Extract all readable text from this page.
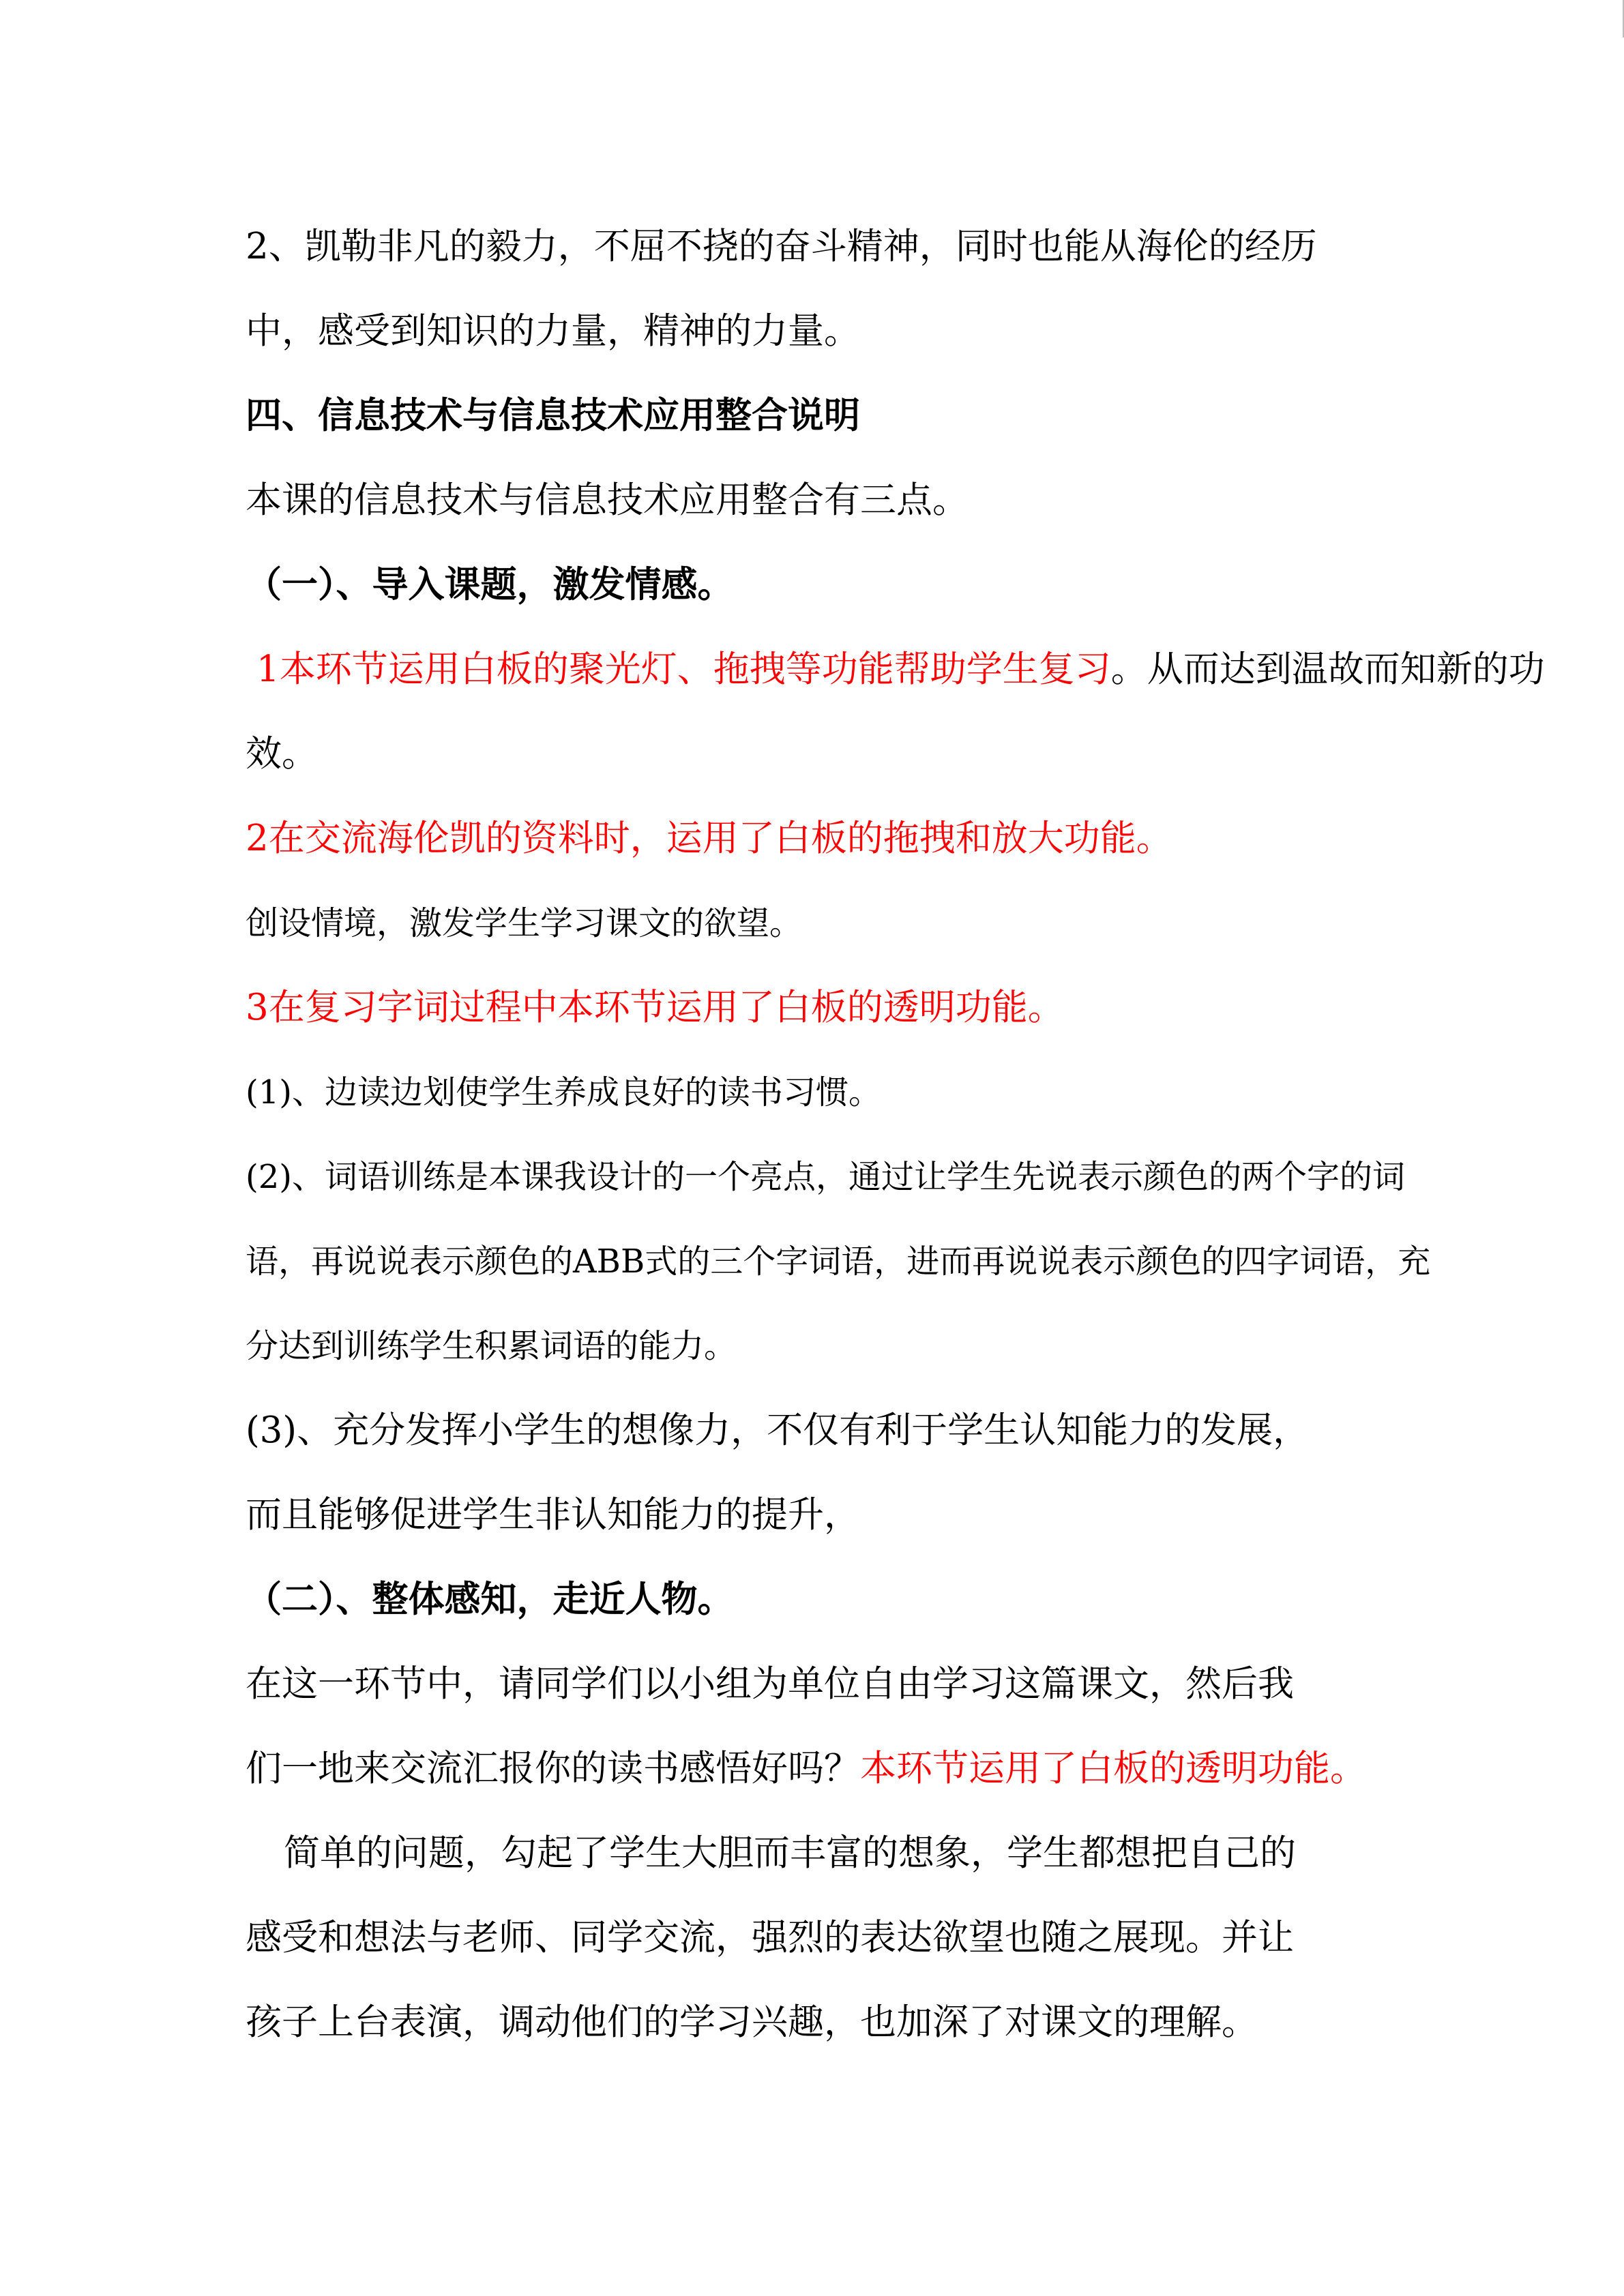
2、凯勒非凡的毅力，不屈不挠的奋斗精神，同时也能从海伦的经历

中，感受到知识的力量，精神的力量。

四、信息技术与信息技术应用整合说明

本课的信息技术与信息技术应用整合有三点。

（一）、导入课题，激发情感。

1本环节运用白板的聚光灯、拖拽等功能帮助学生复习。从而达到温故而知新的功

效。

2在交流海伦凯的资料时，运用了白板的拖拽和放大功能。

创设情境，激发学生学习课文的欲望。

3在复习字词过程中本环节运用了白板的透明功能。

(1)、边读边划使学生养成良好的读书习惯。

(2)、词语训练是本课我设计的一个亮点，通过让学生先说表示颜色的两个字的词

语，再说说表示颜色的ABB式的三个字词语，进而再说说表示颜色的四字词语，充

分达到训练学生积累词语的能力。

(3)、充分发挥小学生的想像力，不仅有利于学生认知能力的发展，

而且能够促进学生非认知能力的提升，

（二）、整体感知，走近人物。

在这一环节中，请同学们以小组为单位自由学习这篇课文，然后我

们一地来交流汇报你的读书感悟好吗？本环节运用了白板的透明功能。

简单的问题，勾起了学生大胆而丰富的想象，学生都想把自己的

感受和想法与老师、同学交流，强烈的表达欲望也随之展现。并让

孩子上台表演，调动他们的学习兴趣，也加深了对课文的理解。
